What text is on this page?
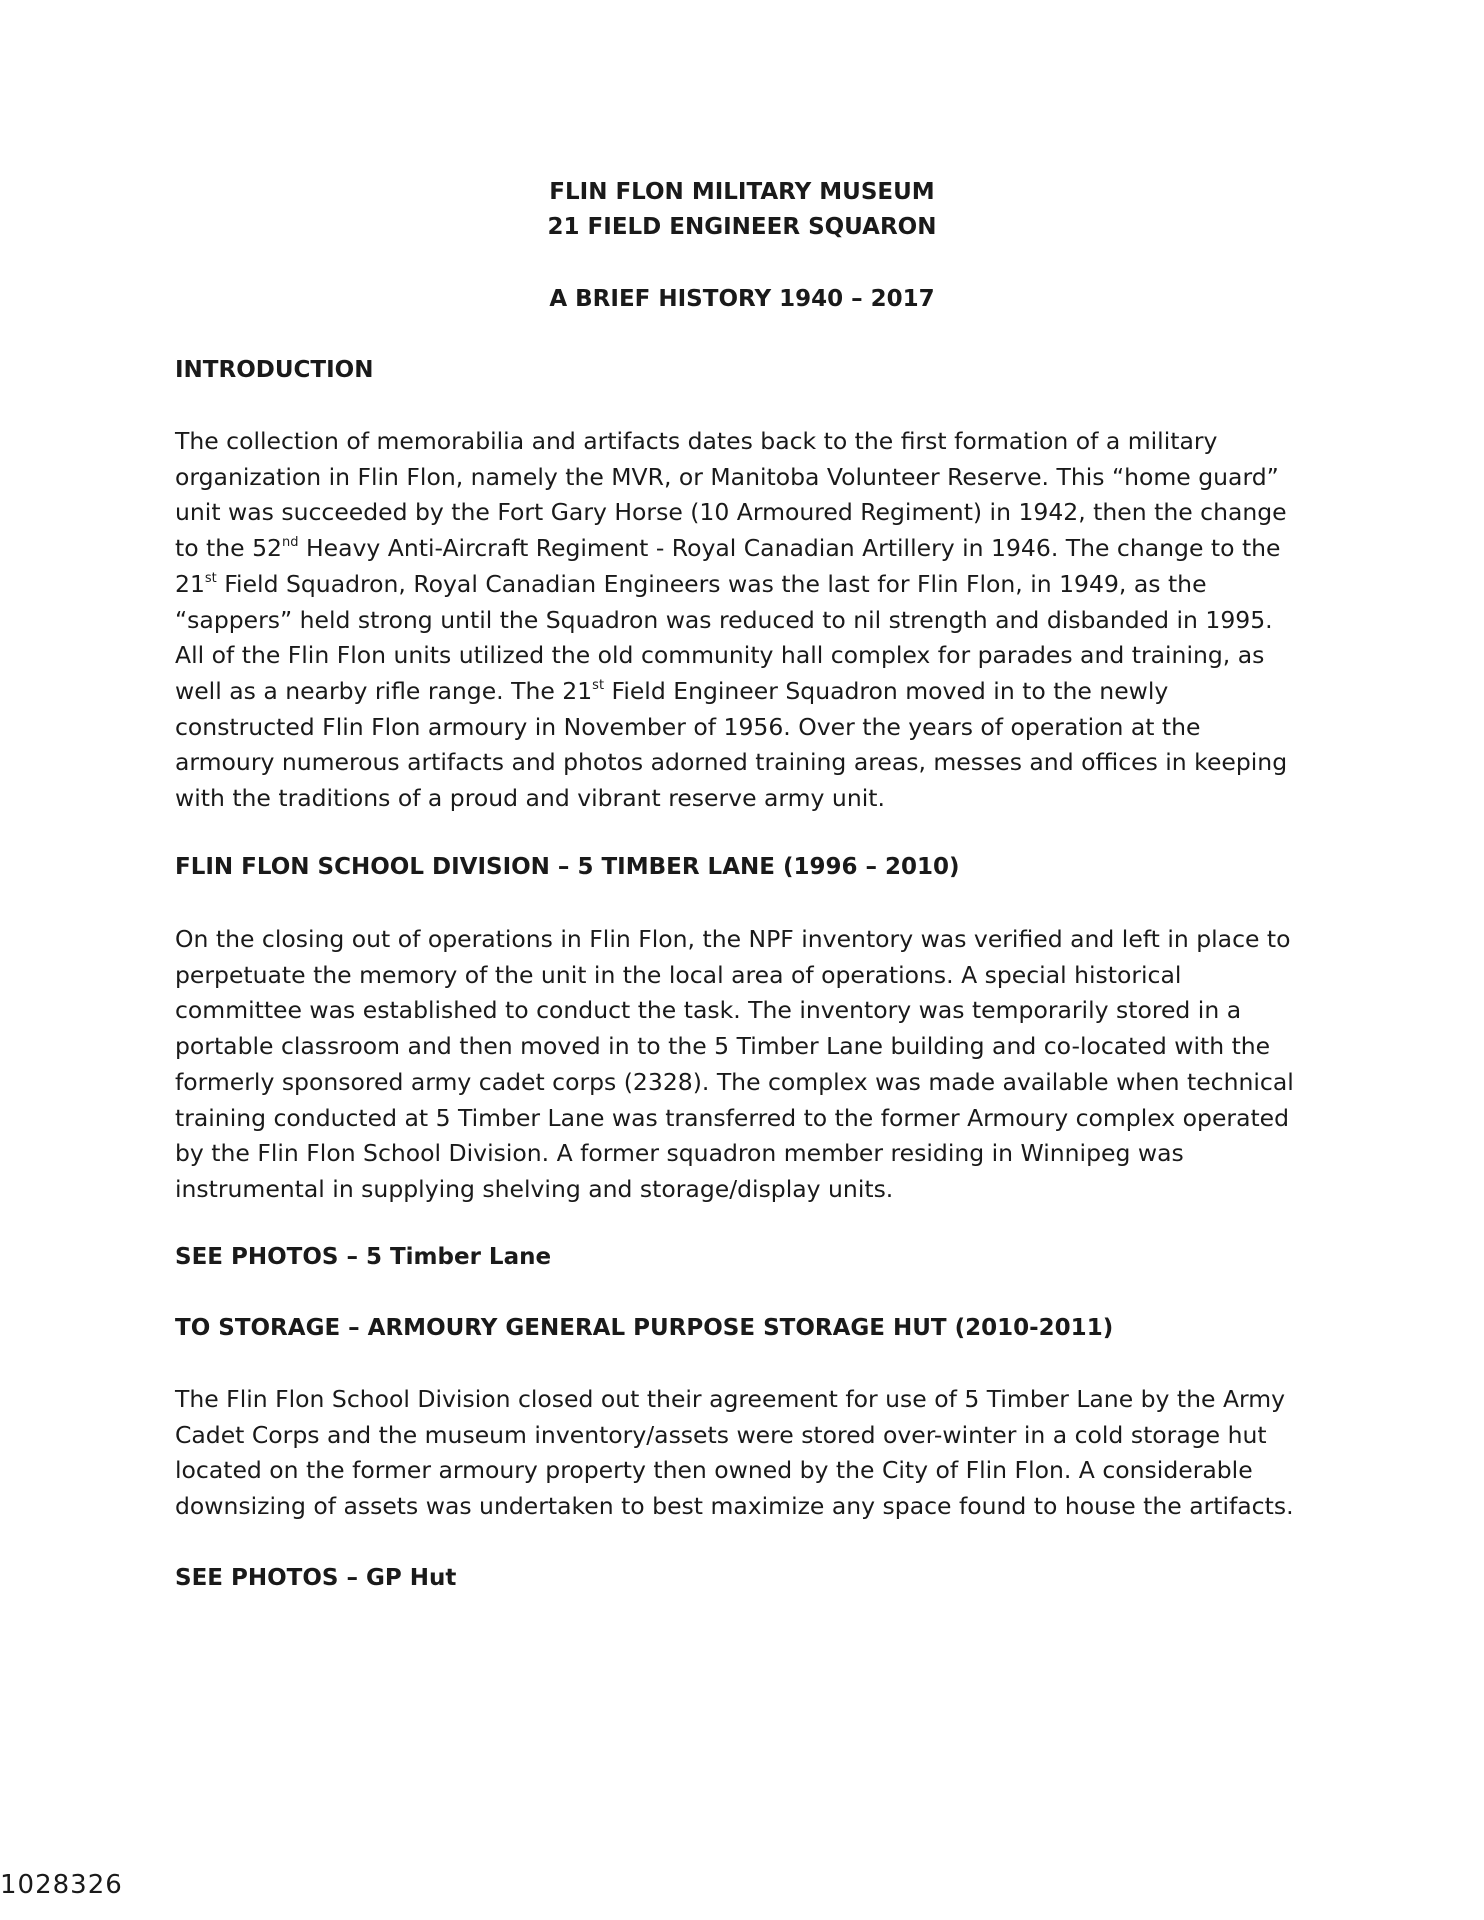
FLIN FLON MILITARY MUSEUM
21 FIELD ENGINEER SQUARON
A BRIEF HISTORY 1940 – 2017
INTRODUCTION
The collection of memorabilia and artifacts dates back to the first formation of a military
organization in Flin Flon, namely the MVR, or Manitoba Volunteer Reserve. This “home guard”
unit was succeeded by the Fort Gary Horse (10 Armoured Regiment) in 1942, then the change
to the 52nd Heavy Anti-Aircraft Regiment - Royal Canadian Artillery in 1946. The change to the
21st Field Squadron, Royal Canadian Engineers was the last for Flin Flon, in 1949, as the
“sappers” held strong until the Squadron was reduced to nil strength and disbanded in 1995.
All of the Flin Flon units utilized the old community hall complex for parades and training, as
well as a nearby rifle range. The 21st Field Engineer Squadron moved in to the newly
constructed Flin Flon armoury in November of 1956. Over the years of operation at the
armoury numerous artifacts and photos adorned training areas, messes and offices in keeping
with the traditions of a proud and vibrant reserve army unit.
FLIN FLON SCHOOL DIVISION – 5 TIMBER LANE (1996 – 2010)
On the closing out of operations in Flin Flon, the NPF inventory was verified and left in place to
perpetuate the memory of the unit in the local area of operations. A special historical
committee was established to conduct the task. The inventory was temporarily stored in a
portable classroom and then moved in to the 5 Timber Lane building and co-located with the
formerly sponsored army cadet corps (2328). The complex was made available when technical
training conducted at 5 Timber Lane was transferred to the former Armoury complex operated
by the Flin Flon School Division. A former squadron member residing in Winnipeg was
instrumental in supplying shelving and storage/display units.
SEE PHOTOS – 5 Timber Lane
TO STORAGE – ARMOURY GENERAL PURPOSE STORAGE HUT (2010-2011)
The Flin Flon School Division closed out their agreement for use of 5 Timber Lane by the Army
Cadet Corps and the museum inventory/assets were stored over-winter in a cold storage hut
located on the former armoury property then owned by the City of Flin Flon. A considerable
downsizing of assets was undertaken to best maximize any space found to house the artifacts.
SEE PHOTOS – GP Hut
1028326
